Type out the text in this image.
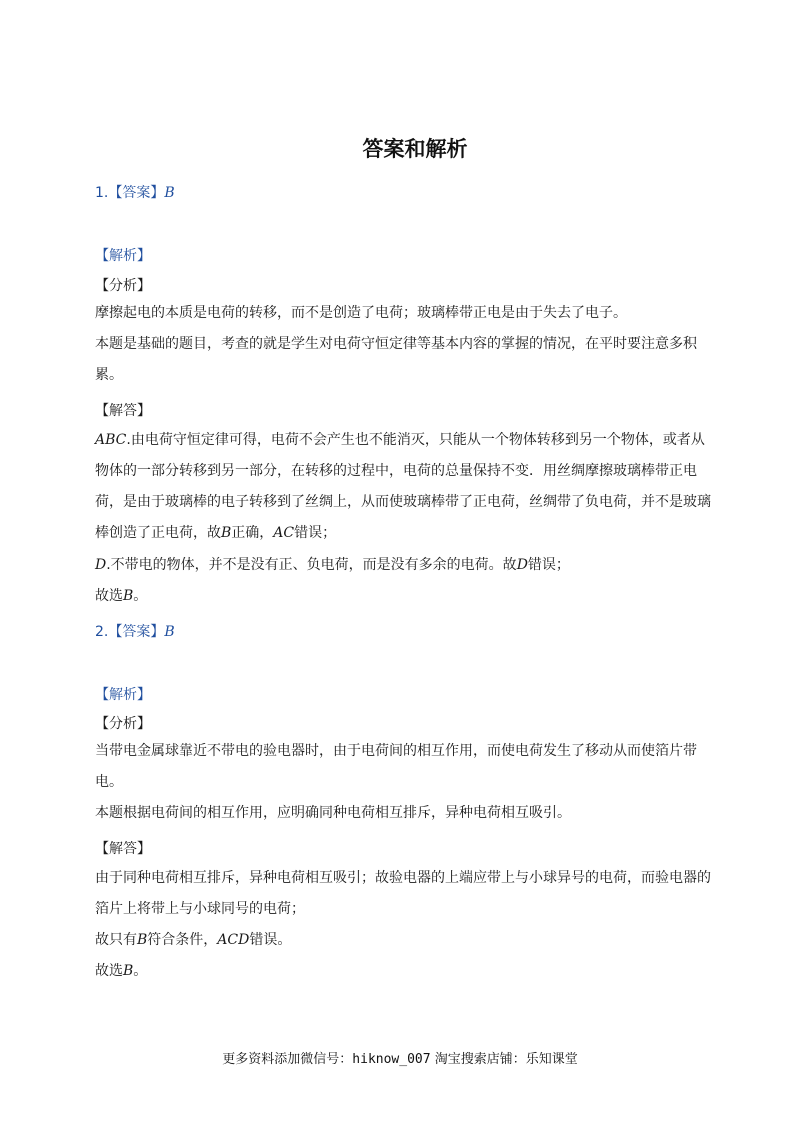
答案和解析
1.【答案】B
【解析】
【分析】
摩擦起电的本质是电荷的转移，而不是创造了电荷；玻璃棒带正电是由于失去了电子。
本题是基础的题目，考查的就是学生对电荷守恒定律等基本内容的掌握的情况，在平时要注意多积累。
【解答】
ABC.由电荷守恒定律可得，电荷不会产生也不能消灭，只能从一个物体转移到另一个物体，或者从物体的一部分转移到另一部分，在转移的过程中，电荷的总量保持不变．用丝绸摩擦玻璃棒带正电荷，是由于玻璃棒的电子转移到了丝绸上，从而使玻璃棒带了正电荷，丝绸带了负电荷，并不是玻璃棒创造了正电荷，故B正确，AC错误；
D.不带电的物体，并不是没有正、负电荷，而是没有多余的电荷。故D错误；
故选B。
2.【答案】B
【解析】
【分析】
当带电金属球靠近不带电的验电器时，由于电荷间的相互作用，而使电荷发生了移动从而使箔片带电。
本题根据电荷间的相互作用，应明确同种电荷相互排斥，异种电荷相互吸引。
【解答】
由于同种电荷相互排斥，异种电荷相互吸引；故验电器的上端应带上与小球异号的电荷，而验电器的箔片上将带上与小球同号的电荷；
故只有B符合条件，ACD错误。
故选B。
更多资料添加微信号：hiknow_007 淘宝搜索店铺：乐知课堂
